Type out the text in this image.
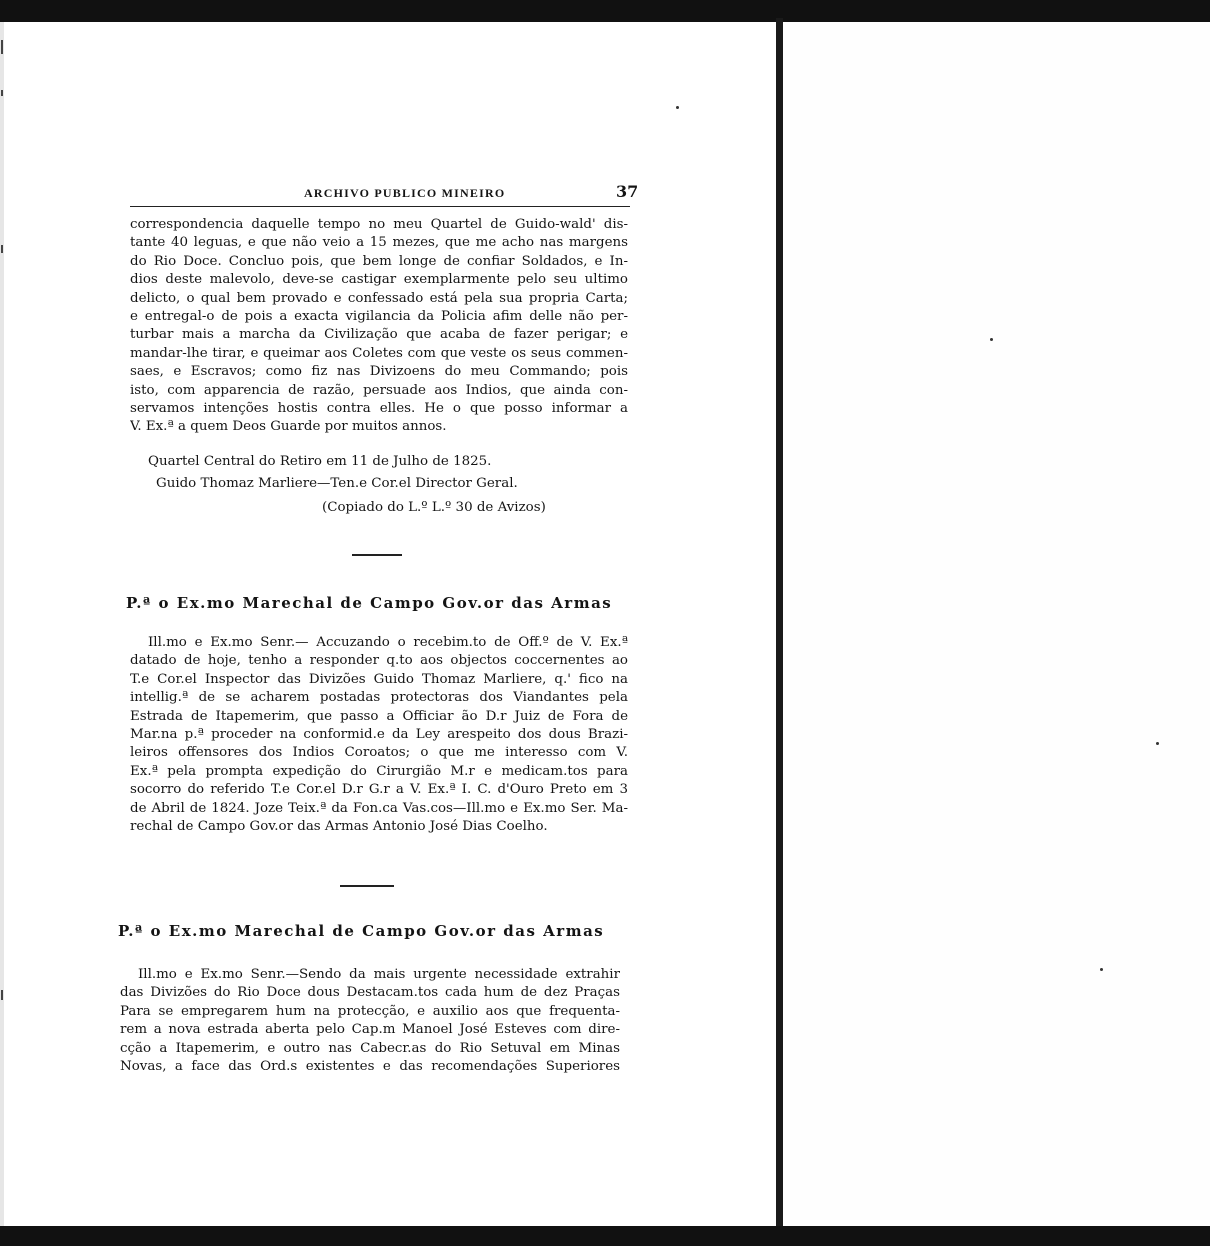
ARCHIVO PUBLICO MINEIRO	37
correspondencia daquelle tempo no meu Quartel de Guido-wald' dis-
tante 40 leguas, e que não veio a 15 mezes, que me acho nas margens
do Rio Doce. Concluo pois, que bem longe de confiar Soldados, e In-
dios deste malevolo, deve-se castigar exemplarmente pelo seu ultimo
delicto, o qual bem provado e confessado está pela sua propria Carta;
e entregal-o de pois a exacta vigilancia da Policia afim delle não per-
turbar mais a marcha da Civilização que acaba de fazer perigar; e
mandar-lhe tirar, e queimar aos Coletes com que veste os seus commen-
saes, e Escravos; como fiz nas Divizoens do meu Commando; pois
isto, com apparencia de razão, persuade aos Indios, que ainda con-
servamos intenções hostis contra elles. He o que posso informar a
V. Ex.ª a quem Deos Guarde por muitos annos.
Quartel Central do Retiro em 11 de Julho de 1825.
Guido Thomaz Marliere—Ten.e Cor.el Director Geral.
(Copiado do L.º L.º 30 de Avizos)
P.ª o Ex.mo Marechal de Campo Gov.or das Armas
Ill.mo e Ex.mo Senr.— Accuzando o recebim.to de Off.º de V. Ex.ª
datado de hoje, tenho a responder q.to aos objectos coccernentes ao
T.e Cor.el Inspector das Divizões Guido Thomaz Marliere, q.' fico na
intellig.ª de se acharem postadas protectoras dos Viandantes pela
Estrada de Itapemerim, que passo a Officiar ão D.r Juiz de Fora de
Mar.na p.ª proceder na conformid.e da Ley arespeito dos dous Brazi-
leiros offensores dos Indios Coroatos; o que me interesso com V.
Ex.ª pela prompta expedição do Cirurgião M.r e medicam.tos para
socorro do referido T.e Cor.el D.r G.r a V. Ex.ª I. C. d'Ouro Preto em 3
de Abril de 1824. Joze Teix.ª da Fon.ca Vas.cos—Ill.mo e Ex.mo Ser. Ma-
rechal de Campo Gov.or das Armas Antonio José Dias Coelho.
P.ª o Ex.mo Marechal de Campo Gov.or das Armas
Ill.mo e Ex.mo Senr.—Sendo da mais urgente necessidade extrahir
das Divizões do Rio Doce dous Destacam.tos cada hum de dez Praças
Para se empregarem hum na protecção, e auxilio aos que frequenta-
rem a nova estrada aberta pelo Cap.m Manoel José Esteves com dire-
cção a Itapemerim, e outro nas Cabecr.as do Rio Setuval em Minas
Novas, a face das Ord.s existentes e das recomendações Superiores
